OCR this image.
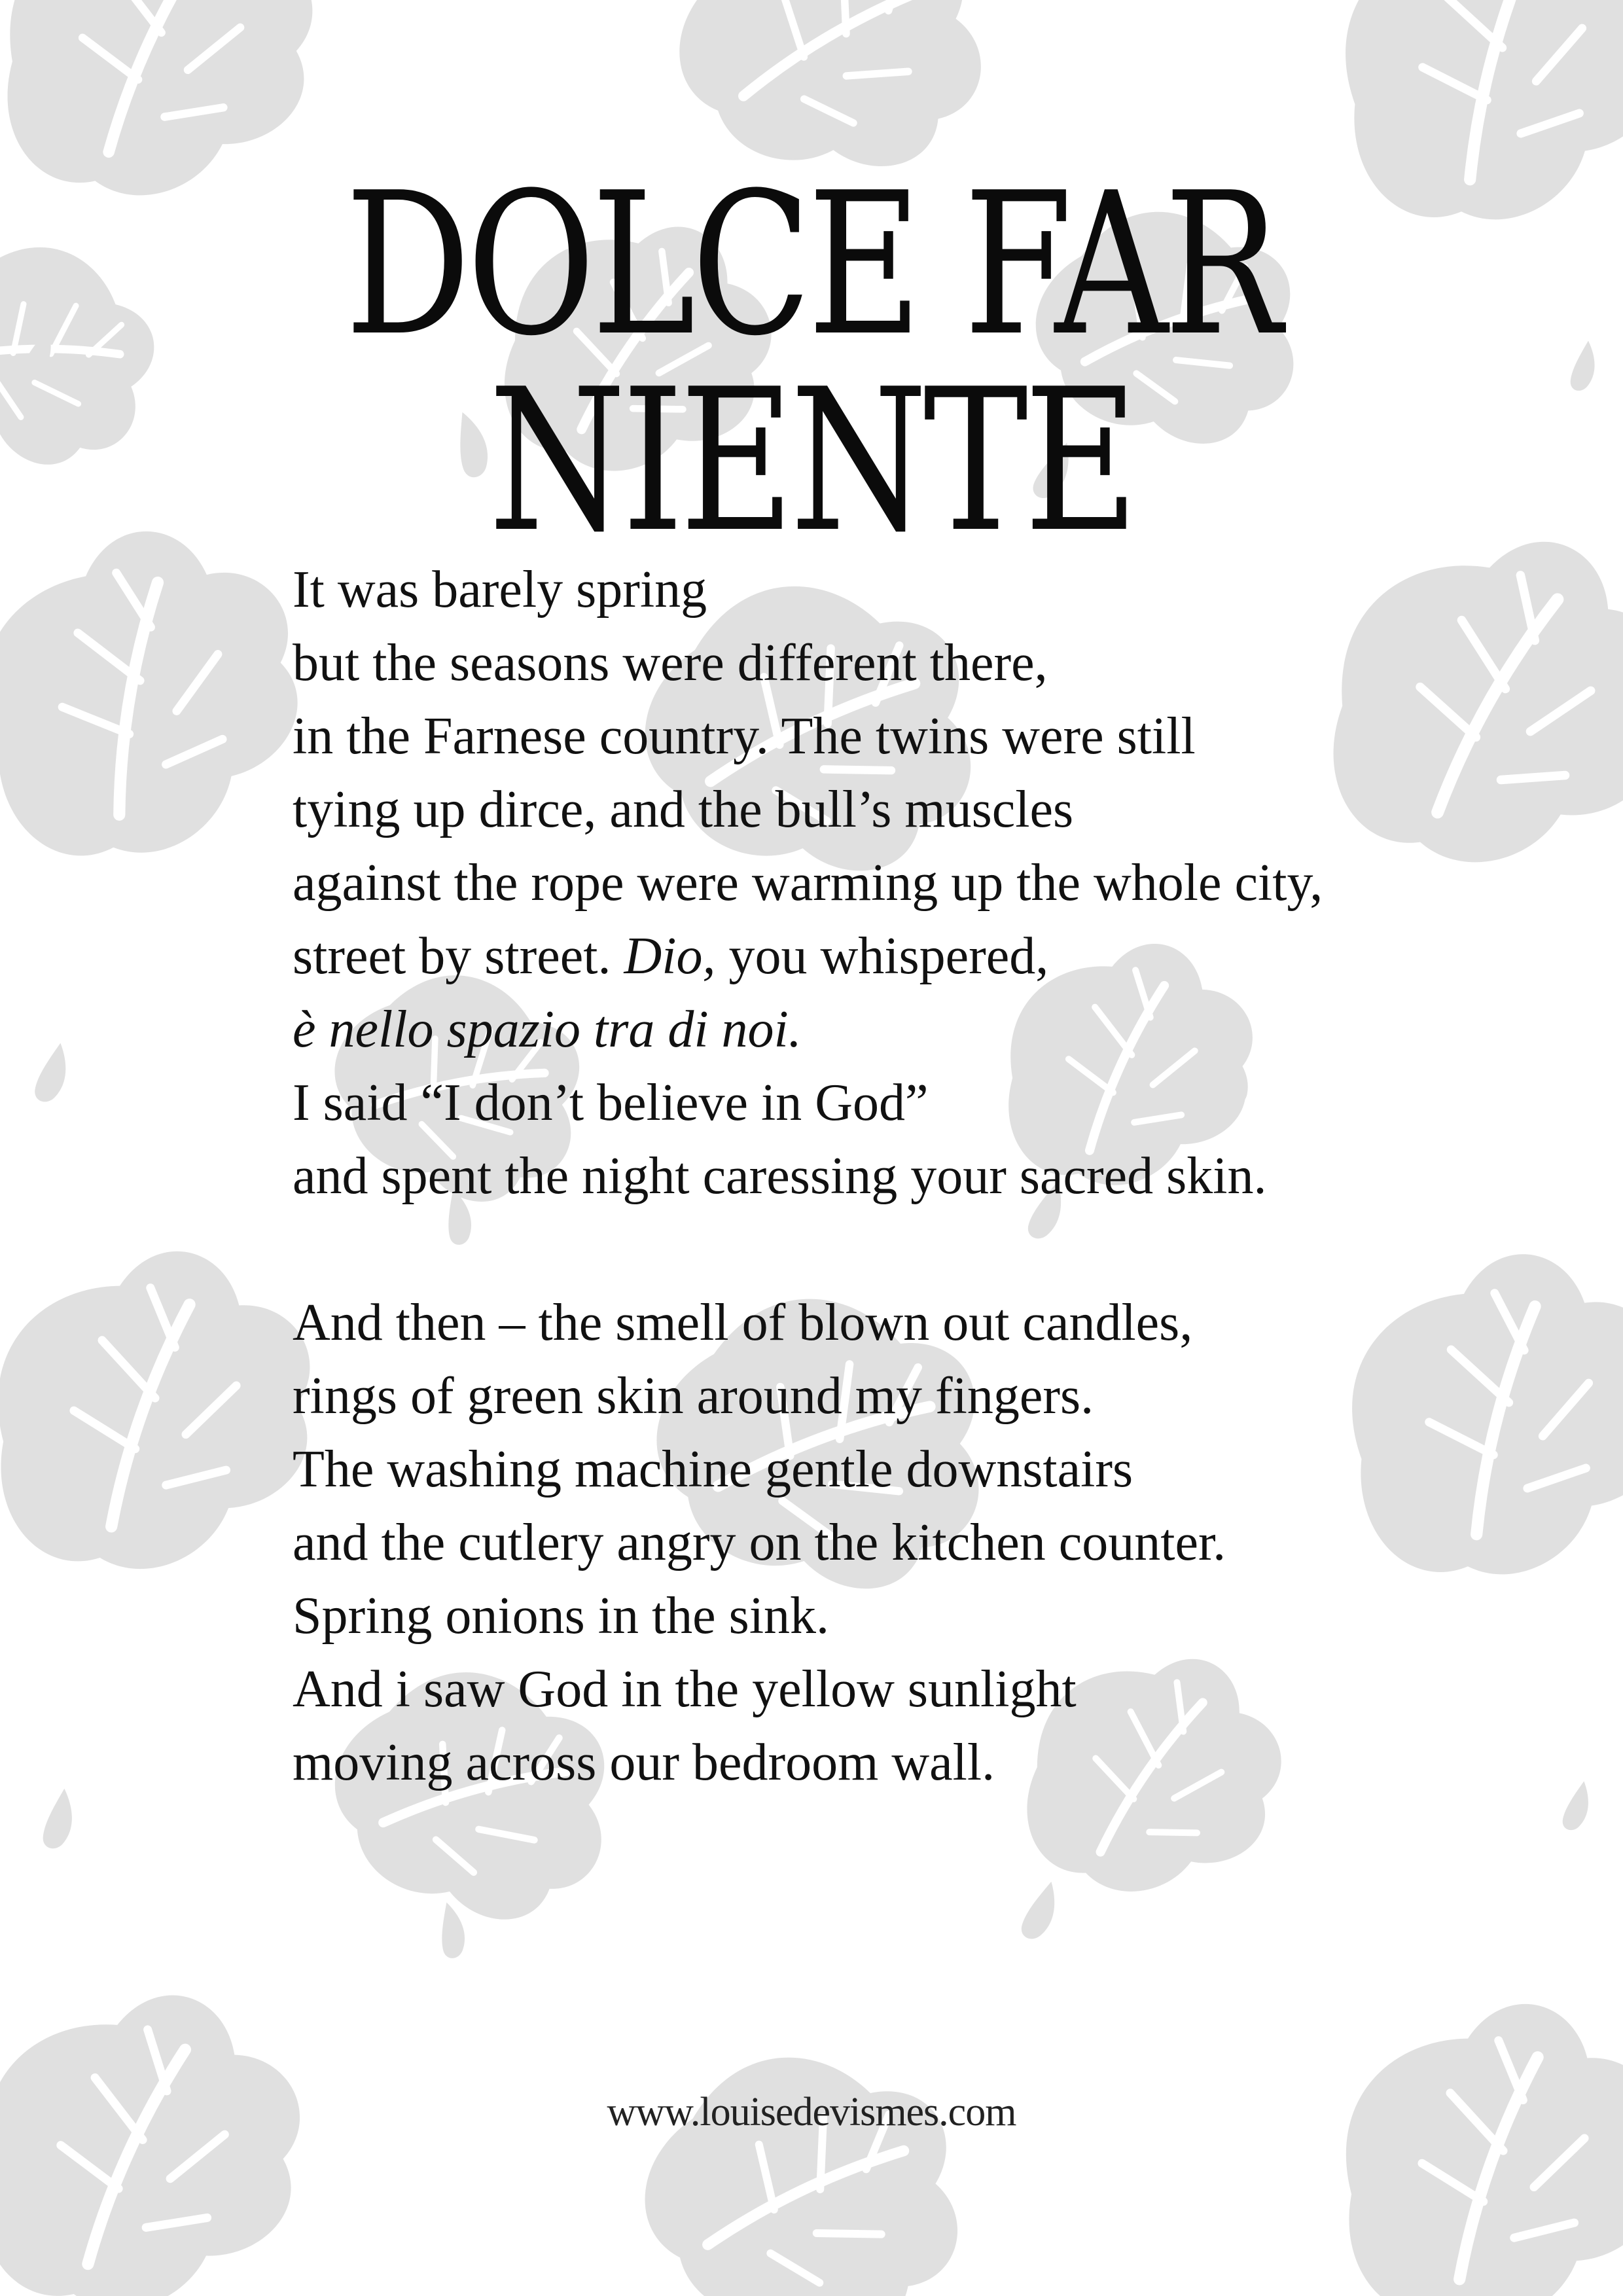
DOLCE FAR NIENTE
It was barely spring
but the seasons were different there,
in the Farnese country. The twins were still
tying up dirce, and the bull’s muscles
against the rope were warming up the whole city,
street by street. Dio, you whispered,
è nello spazio tra di noi.
I said “I don’t believe in God”
and spent the night caressing your sacred skin.
And then – the smell of blown out candles,
rings of green skin around my fingers.
The washing machine gentle downstairs
and the cutlery angry on the kitchen counter.
Spring onions in the sink.
And i saw God in the yellow sunlight
moving across our bedroom wall.
www.louisedevismes.com
